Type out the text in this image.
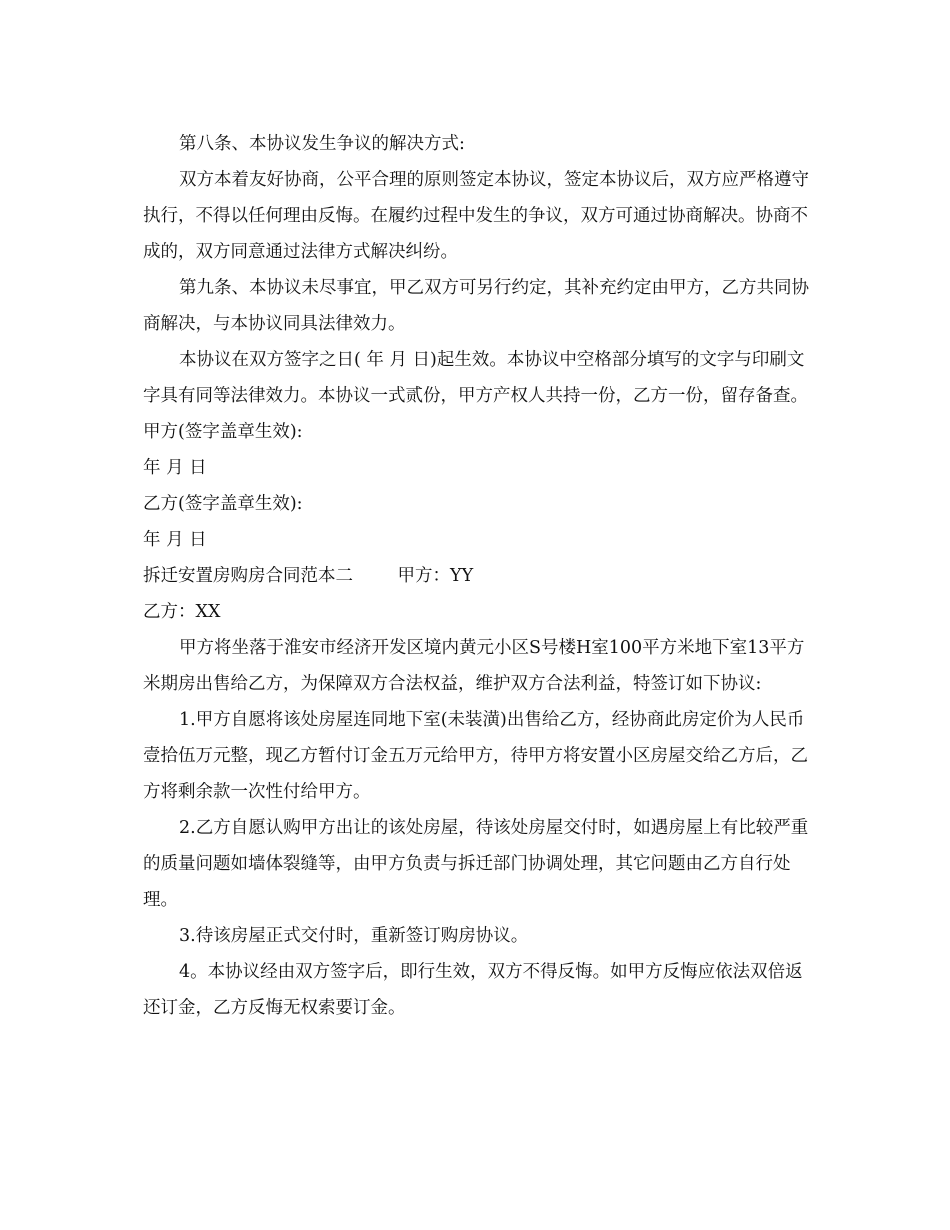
第八条、本协议发生争议的解决方式:

双方本着友好协商，公平合理的原则签定本协议，签定本协议后，双方应严格遵守执行，不得以任何理由反悔。在履约过程中发生的争议，双方可通过协商解决。协商不成的，双方同意通过法律方式解决纠纷。

第九条、本协议未尽事宜，甲乙双方可另行约定，其补充约定由甲方，乙方共同协商解决，与本协议同具法律效力。

本协议在双方签字之日( 年 月 日)起生效。本协议中空格部分填写的文字与印刷文字具有同等法律效力。本协议一式贰份，甲方产权人共持一份，乙方一份，留存备查。

甲方(签字盖章生效):

年 月 日

乙方(签字盖章生效):

年 月 日

拆迁安置房购房合同范本二	甲方：YY

乙方：XX

甲方将坐落于淮安市经济开发区境内黄元小区S号楼H室100平方米地下室13平方米期房出售给乙方，为保障双方合法权益，维护双方合法利益，特签订如下协议:

1.甲方自愿将该处房屋连同地下室(未装潢)出售给乙方，经协商此房定价为人民币壹拾伍万元整，现乙方暂付订金五万元给甲方，待甲方将安置小区房屋交给乙方后，乙方将剩余款一次性付给甲方。

2.乙方自愿认购甲方出让的该处房屋，待该处房屋交付时，如遇房屋上有比较严重的质量问题如墙体裂缝等，由甲方负责与拆迁部门协调处理，其它问题由乙方自行处理。

3.待该房屋正式交付时，重新签订购房协议。

4。本协议经由双方签字后，即行生效，双方不得反悔。如甲方反悔应依法双倍返还订金，乙方反悔无权索要订金。
